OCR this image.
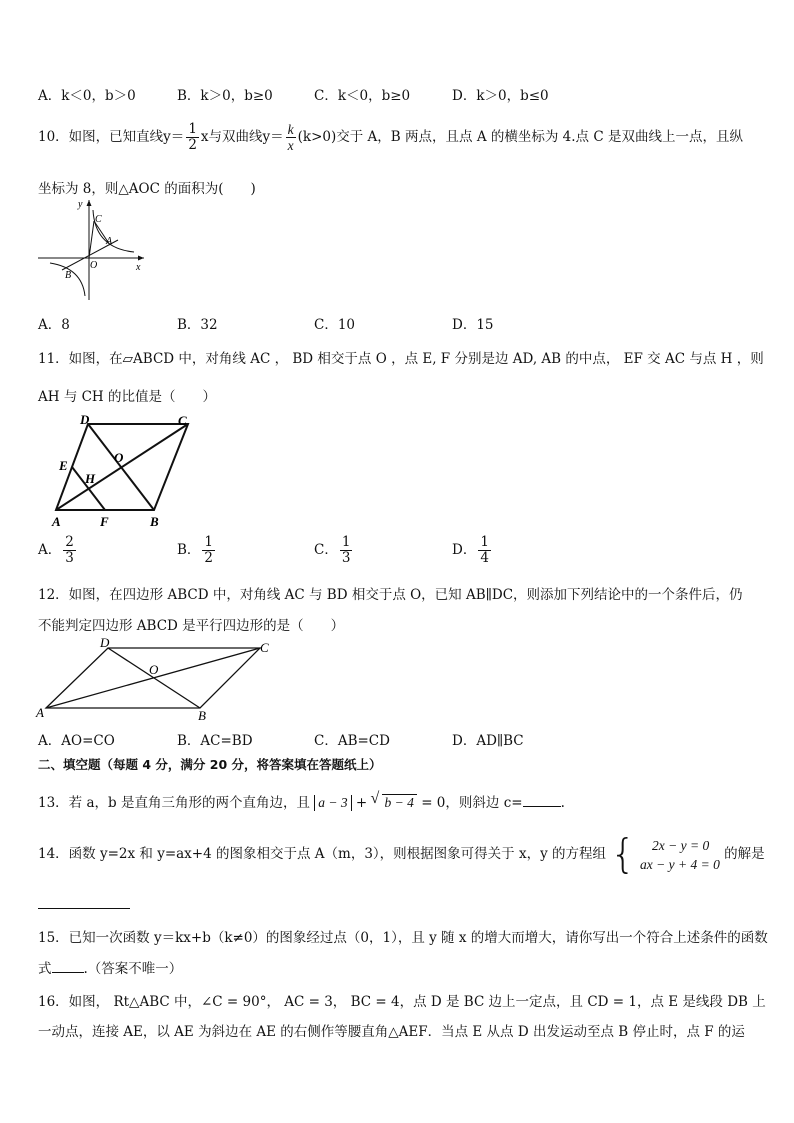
A．k＜0，b＞0	B．k＞0，b≥0	C．k＜0，b≥0	D．k＞0，b≤0
10．如图，已知直线$y= \frac{1}{2}$ x与双曲线$y= \frac{k}{x} (k>0)$交于 A，B 两点，且点 A 的横坐标为 4.点 C 是双曲线上一点，且纵
坐标为 8，则△AOC 的面积为(　　)
y
x
O
A
B
C
A．8	B．32	C．10	D．15
11．如图，在▱ABCD 中，对角线 AC ， BD 相交于点 O ，点 E, F 分别是边 AD, AB 的中点， EF 交 AC 与点 H ，则
AH 与 CH 的比值是（　　）
D	C
E
O
H
A	F	B
A． $\frac{2}{3}$	B． $\frac{1}{2}$	C． $\frac{1}{3}$	D． $\frac{1}{4}$
12．如图，在四边形 ABCD 中，对角线 AC 与 BD 相交于点 O，已知 AB∥DC，则添加下列结论中的一个条件后，仍
不能判定四边形 ABCD 是平行四边形的是（　　）
D	C
O
A	B
A．AO=CO	B．AC=BD	C．AB=CD	D．AD∥BC
二、填空题（每题 4 分，满分 20 分，将答案填在答题纸上）
13．若 a，b 是直角三角形的两个直角边，且 a − 3 + √ b − 4 = 0，则斜边 c=	.
14．函数 y=2x 和 y=ax+4 的图象相交于点 A（m，3），则根据图象可得关于 x，y 的方程组 {	2x − y = 0
ax − y + 4 = 0
的解是
15．已知一次函数 y＝kx+b（k≠0）的图象经过点（0，1），且 y 随 x 的增大而增大，请你写出一个符合上述条件的函数
式 .（答案不唯一）
16．如图， Rt△ABC 中，∠C = 90°， AC = 3， BC = 4，点 D 是 BC 边上一定点，且 CD = 1，点 E 是线段 DB 上
一动点，连接 AE，以 AE 为斜边在 AE 的右侧作等腰直角△AEF．当点 E 从点 D 出发运动至点 B 停止时，点 F 的运
